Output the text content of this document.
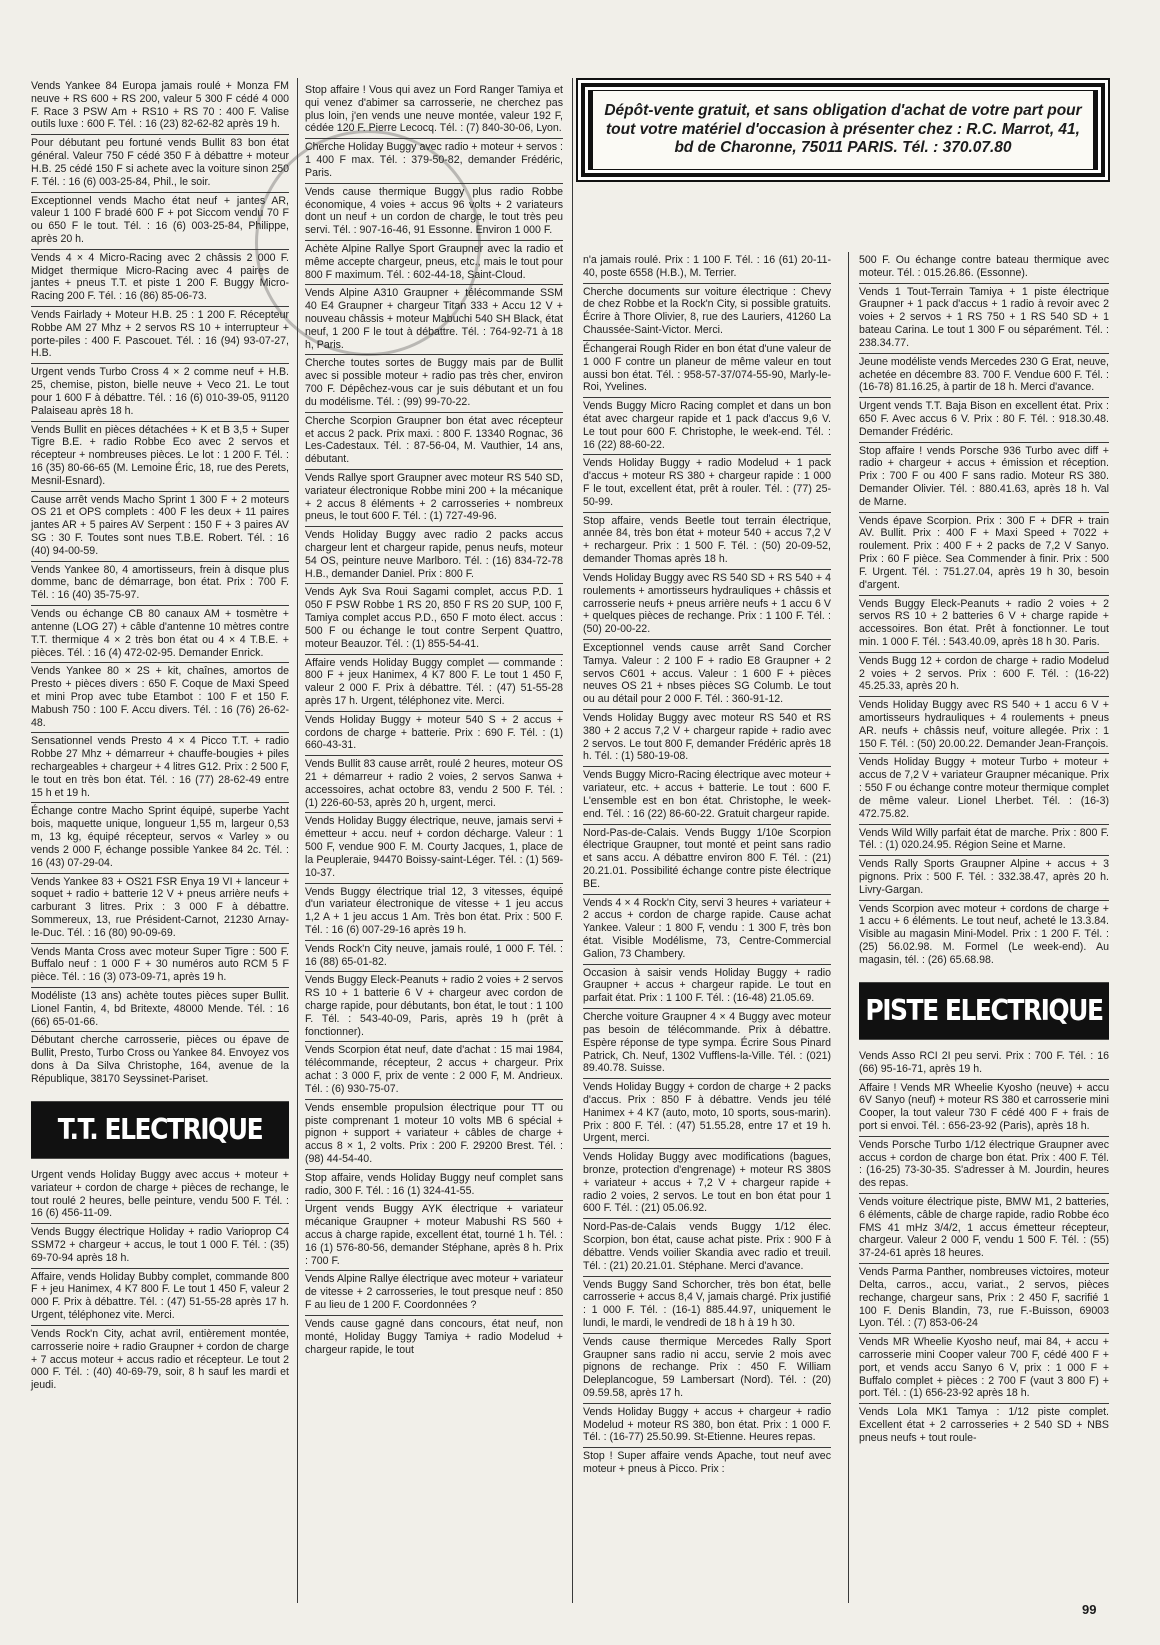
Dépôt-vente gratuit, et sans obligation d'achat de votre part pour tout votre matériel d'occasion à présenter chez : R.C. Marrot, 41, bd de Charonne, 75011 PARIS. Tél. : 370.07.80
Vends Yankee 84 Europa jamais roulé + Monza FM neuve + RS 600 + RS 200, valeur 5 300 F cédé 4 000 F. Race 3 PSW Am + RS10 + RS 70 : 400 F. Valise outils luxe : 600 F. Tél. : 16 (23) 82-62-82 après 19 h.
Pour débutant peu fortuné vends Bullit 83 bon état général. Valeur 750 F cédé 350 F à débattre + moteur H.B. 25 cédé 150 F si achete avec la voiture sinon 250 F. Tél. : 16 (6) 003-25-84, Phil., le soir.
Exceptionnel vends Macho état neuf + jantes AR, valeur 1 100 F bradé 600 F + pot Siccom vendu 70 F ou 650 F le tout. Tél. : 16 (6) 003-25-84, Philippe, après 20 h.
Vends 4 × 4 Micro-Racing avec 2 châssis 2 000 F. Midget thermique Micro-Racing avec 4 paires de jantes + pneus T.T. et piste 1 200 F. Buggy Micro-Racing 200 F. Tél. : 16 (86) 85-06-73.
Vends Fairlady + Moteur H.B. 25 : 1 200 F. Récepteur Robbe AM 27 Mhz + 2 servos RS 10 + interrupteur + porte-piles : 400 F. Pascouet. Tél. : 16 (94) 93-07-27, H.B.
Urgent vends Turbo Cross 4 × 2 comme neuf + H.B. 25, chemise, piston, bielle neuve + Veco 21. Le tout pour 1 600 F à débattre. Tél. : 16 (6) 010-39-05, 91120 Palaiseau après 18 h.
Vends Bullit en pièces détachées + K et B 3,5 + Super Tigre B.E. + radio Robbe Eco avec 2 servos et récepteur + nombreuses pièces. Le lot : 1 200 F. Tél. : 16 (35) 80-66-65 (M. Lemoine Éric, 18, rue des Perets, Mesnil-Esnard).
Cause arrêt vends Macho Sprint 1 300 F + 2 moteurs OS 21 et OPS complets : 400 F les deux + 11 paires jantes AR + 5 paires AV Serpent : 150 F + 3 paires AV SG : 30 F. Toutes sont nues T.B.E. Robert. Tél. : 16 (40) 94-00-59.
Vends Yankee 80, 4 amortisseurs, frein à disque plus domme, banc de démarrage, bon état. Prix : 700 F. Tél. : 16 (40) 35-75-97.
Vends ou échange CB 80 canaux AM + tosmètre + antenne (LOG 27) + câble d'antenne 10 mètres contre T.T. thermique 4 × 2 très bon état ou 4 × 4 T.B.E. + pièces. Tél. : 16 (4) 472-02-95. Demander Enrick.
Vends Yankee 80 × 2S + kit, chaînes, amortos de Presto + pièces divers : 650 F. Coque de Maxi Speed et mini Prop avec tube Etambot : 100 F et 150 F. Mabush 750 : 100 F. Accu divers. Tél. : 16 (76) 26-62-48.
Sensationnel vends Presto 4 × 4 Picco T.T. + radio Robbe 27 Mhz + démarreur + chauffe-bougies + piles rechargeables + chargeur + 4 litres G12. Prix : 2 500 F, le tout en très bon état. Tél. : 16 (77) 28-62-49 entre 15 h et 19 h.
Échange contre Macho Sprint équipé, superbe Yacht bois, maquette unique, longueur 1,55 m, largeur 0,53 m, 13 kg, équipé récepteur, servos « Varley » ou vends 2 000 F, échange possible Yankee 84 2c. Tél. : 16 (43) 07-29-04.
Vends Yankee 83 + OS21 FSR Enya 19 VI + lanceur + soquet + radio + batterie 12 V + pneus arrière neufs + carburant 3 litres. Prix : 3 000 F à débattre. Sommereux, 13, rue Président-Carnot, 21230 Arnay-le-Duc. Tél. : 16 (80) 90-09-69.
Vends Manta Cross avec moteur Super Tigre : 500 F. Buffalo neuf : 1 000 F + 30 numéros auto RCM 5 F pièce. Tél. : 16 (3) 073-09-71, après 19 h.
Modéliste (13 ans) achète toutes pièces super Bullit. Lionel Fantin, 4, bd Britexte, 48000 Mende. Tél. : 16 (66) 65-01-66.
Débutant cherche carrosserie, pièces ou épave de Bullit, Presto, Turbo Cross ou Yankee 84. Envoyez vos dons à Da Silva Christophe, 164, avenue de la République, 38170 Seyssinet-Pariset.
T.T. ELECTRIQUE
Urgent vends Holiday Buggy avec accus + moteur + variateur + cordon de charge + pièces de rechange, le tout roulé 2 heures, belle peinture, vendu 500 F. Tél. : 16 (6) 456-11-09.
Vends Buggy électrique Holiday + radio Varioprop C4 SSM72 + chargeur + accus, le tout 1 000 F. Tél. : (35) 69-70-94 après 18 h.
Affaire, vends Holiday Bubby complet, commande 800 F + jeu Hanimex, 4 K7 800 F. Le tout 1 450 F, valeur 2 000 F. Prix à débattre. Tél. : (47) 51-55-28 après 17 h. Urgent, téléphonez vite. Merci.
Vends Rock'n City, achat avril, entièrement montée, carrosserie noire + radio Graupner + cordon de charge + 7 accus moteur + accus radio et récepteur. Le tout 2 000 F. Tél. : (40) 40-69-79, soir, 8 h sauf les mardi et jeudi.
Stop affaire ! Vous qui avez un Ford Ranger Tamiya et qui venez d'abimer sa carrosserie, ne cherchez pas plus loin, j'en vends une neuve montée, valeur 192 F, cédée 120 F. Pierre Lecocq. Tél. : (7) 840-30-06, Lyon.
Cherche Holiday Buggy avec radio + moteur + servos : 1 400 F max. Tél. : 379-50-82, demander Frédéric, Paris.
Vends cause thermique Buggy plus radio Robbe économique, 4 voies + accus 96 volts + 2 variateurs dont un neuf + un cordon de charge, le tout très peu servi. Tél. : 907-16-46, 91 Essonne. Environ 1 000 F.
Achète Alpine Rallye Sport Graupner avec la radio et même accepte chargeur, pneus, etc., mais le tout pour 800 F maximum. Tél. : 602-44-18, Saint-Cloud.
Vends Alpine A310 Graupner + télécommande SSM 40 E4 Graupner + chargeur Titan 333 + Accu 12 V + nouveau châssis + moteur Mabuchi 540 SH Black, état neuf, 1 200 F le tout à débattre. Tél. : 764-92-71 à 18 h, Paris.
Cherche toutes sortes de Buggy mais par de Bullit avec si possible moteur + radio pas très cher, environ 700 F. Dépêchez-vous car je suis débutant et un fou du modélisme. Tél. : (99) 99-70-22.
Cherche Scorpion Graupner bon état avec récepteur et accus 2 pack. Prix maxi. : 800 F. 13340 Rognac, 36 Les-Cadestaux. Tél. : 87-56-04, M. Vauthier, 14 ans, débutant.
Vends Rallye sport Graupner avec moteur RS 540 SD, variateur électronique Robbe mini 200 + la mécanique + 2 accus 8 éléments + 2 carrosseries + nombreux pneus, le tout 600 F. Tél. : (1) 727-49-96.
Vends Holiday Buggy avec radio 2 packs accus chargeur lent et chargeur rapide, penus neufs, moteur 54 OS, peinture neuve Marlboro. Tél. : (16) 834-72-78 H.B., demander Daniel. Prix : 800 F.
Vends Ayk Sva Roui Sagami complet, accus P.D. 1 050 F PSW Robbe 1 RS 20, 850 F RS 20 SUP, 100 F, Tamiya complet accus P.D., 650 F moto élect. accus : 500 F ou échange le tout contre Serpent Quattro, moteur Beauzor. Tél. : (1) 855-54-41.
Affaire vends Holiday Buggy complet — commande : 800 F + jeux Hanimex, 4 K7 800 F. Le tout 1 450 F, valeur 2 000 F. Prix à débattre. Tél. : (47) 51-55-28 après 17 h. Urgent, téléphonez vite. Merci.
Vends Holiday Buggy + moteur 540 S + 2 accus + cordons de charge + batterie. Prix : 690 F. Tél. : (1) 660-43-31.
Vends Bullit 83 cause arrêt, roulé 2 heures, moteur OS 21 + démarreur + radio 2 voies, 2 servos Sanwa + accessoires, achat octobre 83, vendu 2 500 F. Tél. : (1) 226-60-53, après 20 h, urgent, merci.
Vends Holiday Buggy électrique, neuve, jamais servi + émetteur + accu. neuf + cordon décharge. Valeur : 1 500 F, vendue 900 F. M. Courty Jacques, 1, place de la Peupleraie, 94470 Boissy-saint-Léger. Tél. : (1) 569-10-37.
Vends Buggy électrique trial 12, 3 vitesses, équipé d'un variateur électronique de vitesse + 1 jeu accus 1,2 A + 1 jeu accus 1 Am. Très bon état. Prix : 500 F. Tél. : 16 (6) 007-29-16 après 19 h.
Vends Rock'n City neuve, jamais roulé, 1 000 F. Tél. : 16 (88) 65-01-82.
Vends Buggy Eleck-Peanuts + radio 2 voies + 2 servos RS 10 + 1 batterie 6 V + chargeur avec cordon de charge rapide, pour débutants, bon état, le tout : 1 100 F. Tél. : 543-40-09, Paris, après 19 h (prêt à fonctionner).
Vends Scorpion état neuf, date d'achat : 15 mai 1984, télécommande, récepteur, 2 accus + chargeur. Prix achat : 3 000 F, prix de vente : 2 000 F, M. Andrieux. Tél. : (6) 930-75-07.
Vends ensemble propulsion électrique pour TT ou piste comprenant 1 moteur 10 volts MB 6 spécial + pignon + support + variateur + câbles de charge + accus 8 × 1, 2 volts. Prix : 200 F. 29200 Brest. Tél. : (98) 44-54-40.
Stop affaire, vends Holiday Buggy neuf complet sans radio, 300 F. Tél. : 16 (1) 324-41-55.
Urgent vends Buggy AYK électrique + variateur mécanique Graupner + moteur Mabushi RS 560 + accus à charge rapide, excellent état, tourné 1 h. Tél. : 16 (1) 576-80-56, demander Stéphane, après 8 h. Prix : 700 F.
Vends Alpine Rallye électrique avec moteur + variateur de vitesse + 2 carrosseries, le tout presque neuf : 850 F au lieu de 1 200 F. Coordonnées ?
Vends cause gagné dans concours, état neuf, non monté, Holiday Buggy Tamiya + radio Modelud + chargeur rapide, le tout
n'a jamais roulé. Prix : 1 100 F. Tél. : 16 (61) 20-11-40, poste 6558 (H.B.), M. Terrier.
Cherche documents sur voiture électrique : Chevy de chez Robbe et la Rock'n City, si possible gratuits. Écrire à Thore Olivier, 8, rue des Lauriers, 41260 La Chaussée-Saint-Victor. Merci.
Échangerai Rough Rider en bon état d'une valeur de 1 000 F contre un planeur de même valeur en tout aussi bon état. Tél. : 958-57-37/074-55-90, Marly-le-Roi, Yvelines.
Vends Buggy Micro Racing complet et dans un bon état avec chargeur rapide et 1 pack d'accus 9,6 V. Le tout pour 600 F. Christophe, le week-end. Tél. : 16 (22) 88-60-22.
Vends Holiday Buggy + radio Modelud + 1 pack d'accus + moteur RS 380 + chargeur rapide : 1 000 F le tout, excellent état, prêt à rouler. Tél. : (77) 25-50-99.
Stop affaire, vends Beetle tout terrain électrique, année 84, très bon état + moteur 540 + accus 7,2 V + rechargeur. Prix : 1 500 F. Tél. : (50) 20-09-52, demander Thomas après 18 h.
Vends Holiday Buggy avec RS 540 SD + RS 540 + 4 roulements + amortisseurs hydrauliques + châssis et carrosserie neufs + pneus arrière neufs + 1 accu 6 V + quelques pièces de rechange. Prix : 1 100 F. Tél. : (50) 20-00-22.
Exceptionnel vends cause arrêt Sand Corcher Tamya. Valeur : 2 100 F + radio E8 Graupner + 2 servos C601 + accus. Valeur : 1 600 F + pièces neuves OS 21 + nbses pièces SG Columb. Le tout ou au détail pour 2 000 F. Tél. : 360-91-12.
Vends Holiday Buggy avec moteur RS 540 et RS 380 + 2 accus 7,2 V + chargeur rapide + radio avec 2 servos. Le tout 800 F, demander Frédéric après 18 h. Tél. : (1) 580-19-08.
Vends Buggy Micro-Racing électrique avec moteur + variateur, etc. + accus + batterie. Le tout : 600 F. L'ensemble est en bon état. Christophe, le week-end. Tél. : 16 (22) 86-60-22. Gratuit chargeur rapide.
Nord-Pas-de-Calais. Vends Buggy 1/10e Scorpion électrique Graupner, tout monté et peint sans radio et sans accu. A débattre environ 800 F. Tél. : (21) 20.21.01. Possibilité échange contre piste électrique BE.
Vends 4 × 4 Rock'n City, servi 3 heures + variateur + 2 accus + cordon de charge rapide. Cause achat Yankee. Valeur : 1 800 F, vendu : 1 300 F, très bon état. Visible Modélisme, 73, Centre-Commercial Galion, 73 Chambery.
Occasion à saisir vends Holiday Buggy + radio Graupner + accus + chargeur rapide. Le tout en parfait état. Prix : 1 100 F. Tél. : (16-48) 21.05.69.
Cherche voiture Graupner 4 × 4 Buggy avec moteur pas besoin de télécommande. Prix à débattre. Espère réponse de type sympa. Écrire Sous Pinard Patrick, Ch. Neuf, 1302 Vufflens-la-Ville. Tél. : (021) 89.40.78. Suisse.
Vends Holiday Buggy + cordon de charge + 2 packs d'accus. Prix : 850 F à débattre. Vends jeu télé Hanimex + 4 K7 (auto, moto, 10 sports, sous-marin). Prix : 800 F. Tél. : (47) 51.55.28, entre 17 et 19 h. Urgent, merci.
Vends Holiday Buggy avec modifications (bagues, bronze, protection d'engrenage) + moteur RS 380S + variateur + accus + 7,2 V + chargeur rapide + radio 2 voies, 2 servos. Le tout en bon état pour 1 600 F. Tél. : (21) 05.06.92.
Nord-Pas-de-Calais vends Buggy 1/12 élec. Scorpion, bon état, cause achat piste. Prix : 900 F à débattre. Vends voilier Skandia avec radio et treuil. Tél. : (21) 20.21.01. Stéphane. Merci d'avance.
Vends Buggy Sand Schorcher, très bon état, belle carrosserie + accus 8,4 V, jamais chargé. Prix justifié : 1 000 F. Tél. : (16-1) 885.44.97, uniquement le lundi, le mardi, le vendredi de 18 h à 19 h 30.
Vends cause thermique Mercedes Rally Sport Graupner sans radio ni accu, servie 2 mois avec pignons de rechange. Prix : 450 F. William Deleplancogue, 59 Lambersart (Nord). Tél. : (20) 09.59.58, après 17 h.
Vends Holiday Buggy + accus + chargeur + radio Modelud + moteur RS 380, bon état. Prix : 1 000 F. Tél. : (16-77) 25.50.99. St-Etienne. Heures repas.
Stop ! Super affaire vends Apache, tout neuf avec moteur + pneus à Picco. Prix :
500 F. Ou échange contre bateau thermique avec moteur. Tél. : 015.26.86. (Essonne).
Vends 1 Tout-Terrain Tamiya + 1 piste électrique Graupner + 1 pack d'accus + 1 radio à revoir avec 2 voies + 2 servos + 1 RS 750 + 1 RS 540 SD + 1 bateau Carina. Le tout 1 300 F ou séparément. Tél. : 238.34.77.
Jeune modéliste vends Mercedes 230 G Erat, neuve, achetée en décembre 83. 700 F. Vendue 600 F. Tél. : (16-78) 81.16.25, à partir de 18 h. Merci d'avance.
Urgent vends T.T. Baja Bison en excellent état. Prix : 650 F. Avec accus 6 V. Prix : 80 F. Tél. : 918.30.48. Demander Frédéric.
Stop affaire ! vends Porsche 936 Turbo avec diff + radio + chargeur + accus + émission et réception. Prix : 700 F ou 400 F sans radio. Moteur RS 380. Demander Olivier. Tél. : 880.41.63, après 18 h. Val de Marne.
Vends épave Scorpion. Prix : 300 F + DFR + train AV. Bullit. Prix : 400 F + Maxi Speed + 7022 + roulement. Prix : 400 F + 2 packs de 7,2 V Sanyo. Prix : 60 F pièce. Sea Commender à finir. Prix : 500 F. Urgent. Tél. : 751.27.04, après 19 h 30, besoin d'argent.
Vends Buggy Eleck-Peanuts + radio 2 voies + 2 servos RS 10 + 2 batteries 6 V + charge rapide + accessoires. Bon état. Prêt à fonctionner. Le tout min. 1 000 F. Tél. : 543.40.09, après 18 h 30. Paris.
Vends Bugg 12 + cordon de charge + radio Modelud 2 voies + 2 servos. Prix : 600 F. Tél. : (16-22) 45.25.33, après 20 h.
Vends Holiday Buggy avec RS 540 + 1 accu 6 V + amortisseurs hydrauliques + 4 roulements + pneus AR. neufs + châssis neuf, voiture allegée. Prix : 1 150 F. Tél. : (50) 20.00.22. Demander Jean-François.
Vends Holiday Buggy + moteur Turbo + moteur + accus de 7,2 V + variateur Graupner mécanique. Prix : 550 F ou échange contre moteur thermique complet de même valeur. Lionel Lherbet. Tél. : (16-3) 472.75.82.
Vends Wild Willy parfait état de marche. Prix : 800 F. Tél. : (1) 020.24.95. Région Seine et Marne.
Vends Rally Sports Graupner Alpine + accus + 3 pignons. Prix : 500 F. Tél. : 332.38.47, après 20 h. Livry-Gargan.
Vends Scorpion avec moteur + cordons de charge + 1 accu + 6 éléments. Le tout neuf, acheté le 13.3.84. Visible au magasin Mini-Model. Prix : 1 200 F. Tél. : (25) 56.02.98. M. Formel (Le week-end). Au magasin, tél. : (26) 65.68.98.
PISTE ELECTRIQUE
Vends Asso RCI 2I peu servi. Prix : 700 F. Tél. : 16 (66) 95-16-71, après 19 h.
Affaire ! Vends MR Wheelie Kyosho (neuve) + accu 6V Sanyo (neuf) + moteur RS 380 et carrosserie mini Cooper, la tout valeur 730 F cédé 400 F + frais de port si envoi. Tél. : 656-23-92 (Paris), après 18 h.
Vends Porsche Turbo 1/12 électrique Graupner avec accus + cordon de charge bon état. Prix : 400 F. Tél. : (16-25) 73-30-35. S'adresser à M. Jourdin, heures des repas.
Vends voiture électrique piste, BMW M1, 2 batteries, 6 éléments, câble de charge rapide, radio Robbe éco FMS 41 mHz 3/4/2, 1 accus émetteur récepteur, chargeur. Valeur 2 000 F, vendu 1 500 F. Tél. : (55) 37-24-61 après 18 heures.
Vends Parma Panther, nombreuses victoires, moteur Delta, carros., accu, variat., 2 servos, pièces rechange, chargeur sans, Prix : 2 450 F, sacrifié 1 100 F. Denis Blandin, 73, rue F.-Buisson, 69003 Lyon. Tél. : (7) 853-06-24
Vends MR Wheelie Kyosho neuf, mai 84, + accu + carrosserie mini Cooper valeur 700 F, cédé 400 F + port, et vends accu Sanyo 6 V, prix : 1 000 F + Buffalo complet + pièces : 2 700 F (vaut 3 800 F) + port. Tél. : (1) 656-23-92 après 18 h.
Vends Lola MK1 Tamya : 1/12 piste complet. Excellent état + 2 carrosseries + 2 540 SD + NBS pneus neufs + tout roule-
99
